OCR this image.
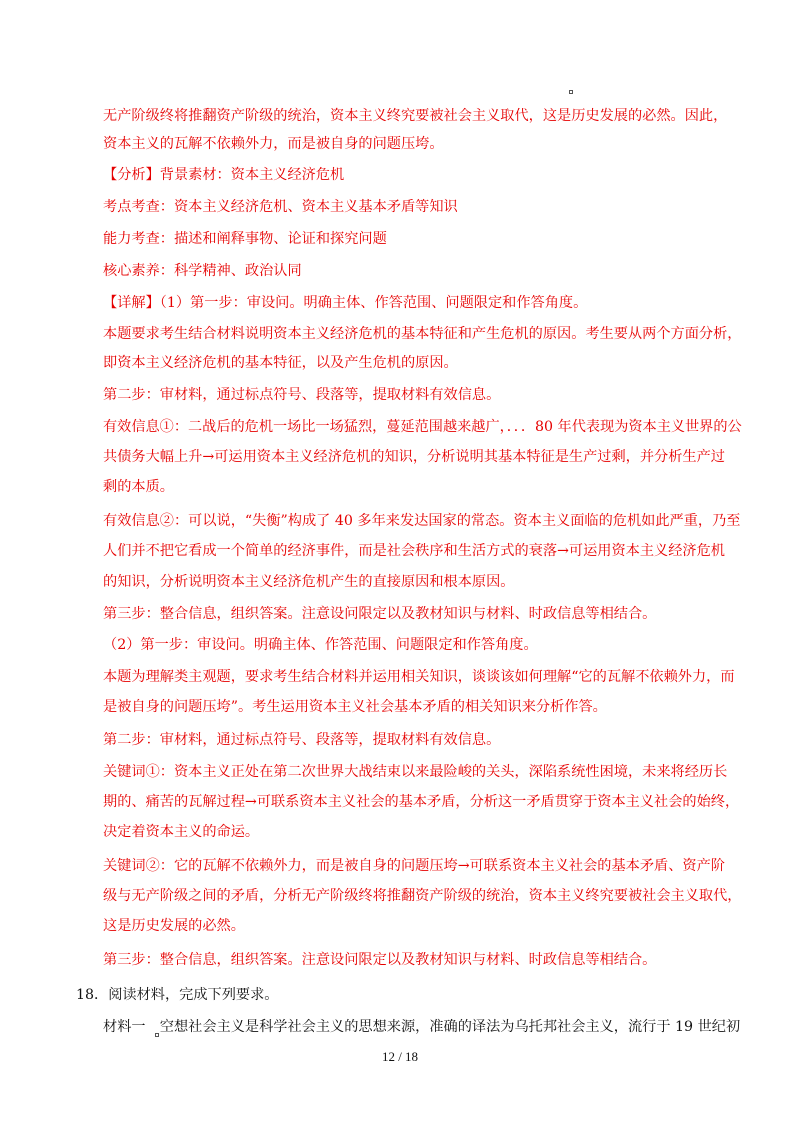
无产阶级终将推翻资产阶级的统治，资本主义终究要被社会主义取代，这是历史发展的必然。因此，
资本主义的瓦解不依赖外力，而是被自身的问题压垮。
【分析】背景素材：资本主义经济危机
考点考查：资本主义经济危机、资本主义基本矛盾等知识
能力考查：描述和阐释事物、论证和探究问题
核心素养：科学精神、政治认同
【详解】（1）第一步：审设问。明确主体、作答范围、问题限定和作答角度。
本题要求考生结合材料说明资本主义经济危机的基本特征和产生危机的原因。考生要从两个方面分析，
即资本主义经济危机的基本特征，以及产生危机的原因。
第二步：审材料，通过标点符号、段落等，提取材料有效信息。
有效信息①：二战后的危机一场比一场猛烈，蔓延范围越来越广，．．．80 年代表现为资本主义世界的公
共债务大幅上升→可运用资本主义经济危机的知识，分析说明其基本特征是生产过剩，并分析生产过
剩的本质。
有效信息②：可以说，“失衡”构成了 40 多年来发达国家的常态。资本主义面临的危机如此严重，乃至
人们并不把它看成一个简单的经济事件，而是社会秩序和生活方式的衰落→可运用资本主义经济危机
的知识，分析说明资本主义经济危机产生的直接原因和根本原因。
第三步：整合信息，组织答案。注意设问限定以及教材知识与材料、时政信息等相结合。
（2）第一步：审设问。明确主体、作答范围、问题限定和作答角度。
本题为理解类主观题，要求考生结合材料并运用相关知识，谈谈该如何理解“它的瓦解不依赖外力，而
是被自身的问题压垮”。考生运用资本主义社会基本矛盾的相关知识来分析作答。
第二步：审材料，通过标点符号、段落等，提取材料有效信息。
关键词①：资本主义正处在第二次世界大战结束以来最险峻的关头，深陷系统性困境，未来将经历长
期的、痛苦的瓦解过程→可联系资本主义社会的基本矛盾，分析这一矛盾贯穿于资本主义社会的始终，
决定着资本主义的命运。
关键词②：它的瓦解不依赖外力，而是被自身的问题压垮→可联系资本主义社会的基本矛盾、资产阶
级与无产阶级之间的矛盾，分析无产阶级终将推翻资产阶级的统治，资本主义终究要被社会主义取代，
这是历史发展的必然。
第三步：整合信息，组织答案。注意设问限定以及教材知识与材料、时政信息等相结合。
18．阅读材料，完成下列要求。
材料一　空想社会主义是科学社会主义的思想来源，准确的译法为乌托邦社会主义，流行于 19 世纪初
12 / 18
